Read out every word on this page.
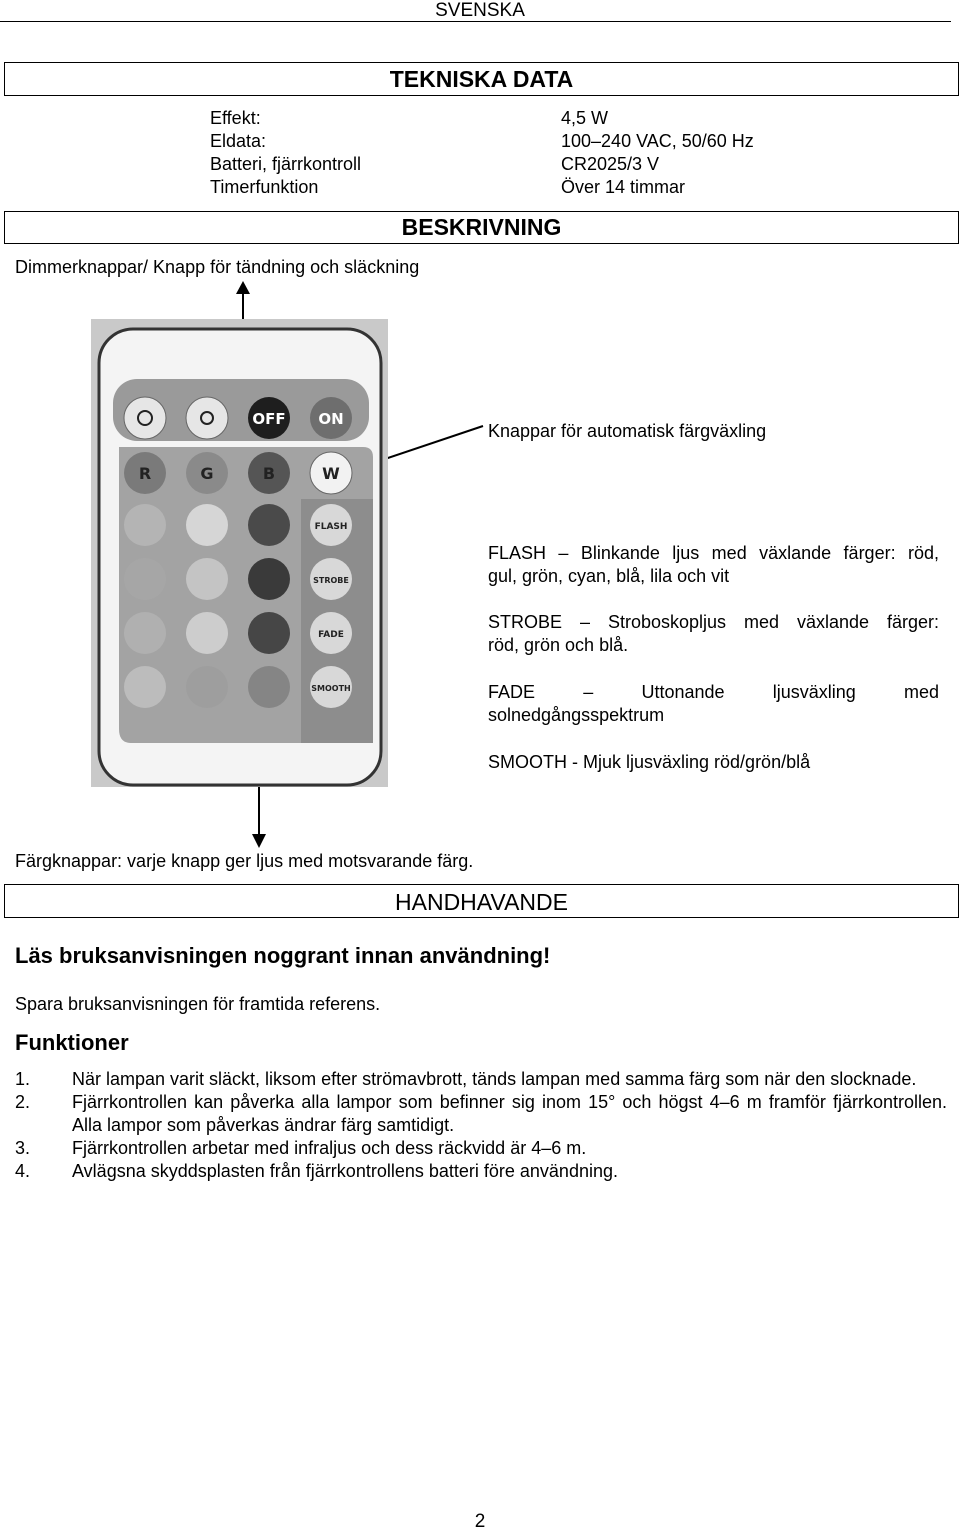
SVENSKA
TEKNISKA DATA
Effekt:	4,5 W
Eldata:	100–240 VAC, 50/60 Hz
Batteri, fjärrkontroll	CR2025/3 V
Timerfunktion	Över 14 timmar
BESKRIVNING
Dimmerknappar/ Knapp för tändning och släckning
OFF ON
R	G	B	W
FLASH
STROBE
FADE
SMOOTH
Knappar för automatisk färgväxling
FLASH – Blinkande ljus med växlande färger: röd,
gul, grön, cyan, blå, lila och vit
STROBE – Stroboskopljus med växlande färger:
röd, grön och blå.
FADE – Uttonande ljusväxling med
solnedgångsspektrum
SMOOTH - Mjuk ljusväxling röd/grön/blå
Färgknappar: varje knapp ger ljus med motsvarande färg.
HANDHAVANDE
Läs bruksanvisningen noggrant innan användning!
Spara bruksanvisningen för framtida referens.
Funktioner
1. När lampan varit släckt, liksom efter strömavbrott, tänds lampan med samma färg som när den slocknade.
2. Fjärrkontrollen kan påverka alla lampor som befinner sig inom 15° och högst 4–6 m framför fjärrkontrollen. Alla lampor som påverkas ändrar färg samtidigt.
3. Fjärrkontrollen arbetar med infraljus och dess räckvidd är 4–6 m.
4. Avlägsna skyddsplasten från fjärrkontrollens batteri före användning.
2
